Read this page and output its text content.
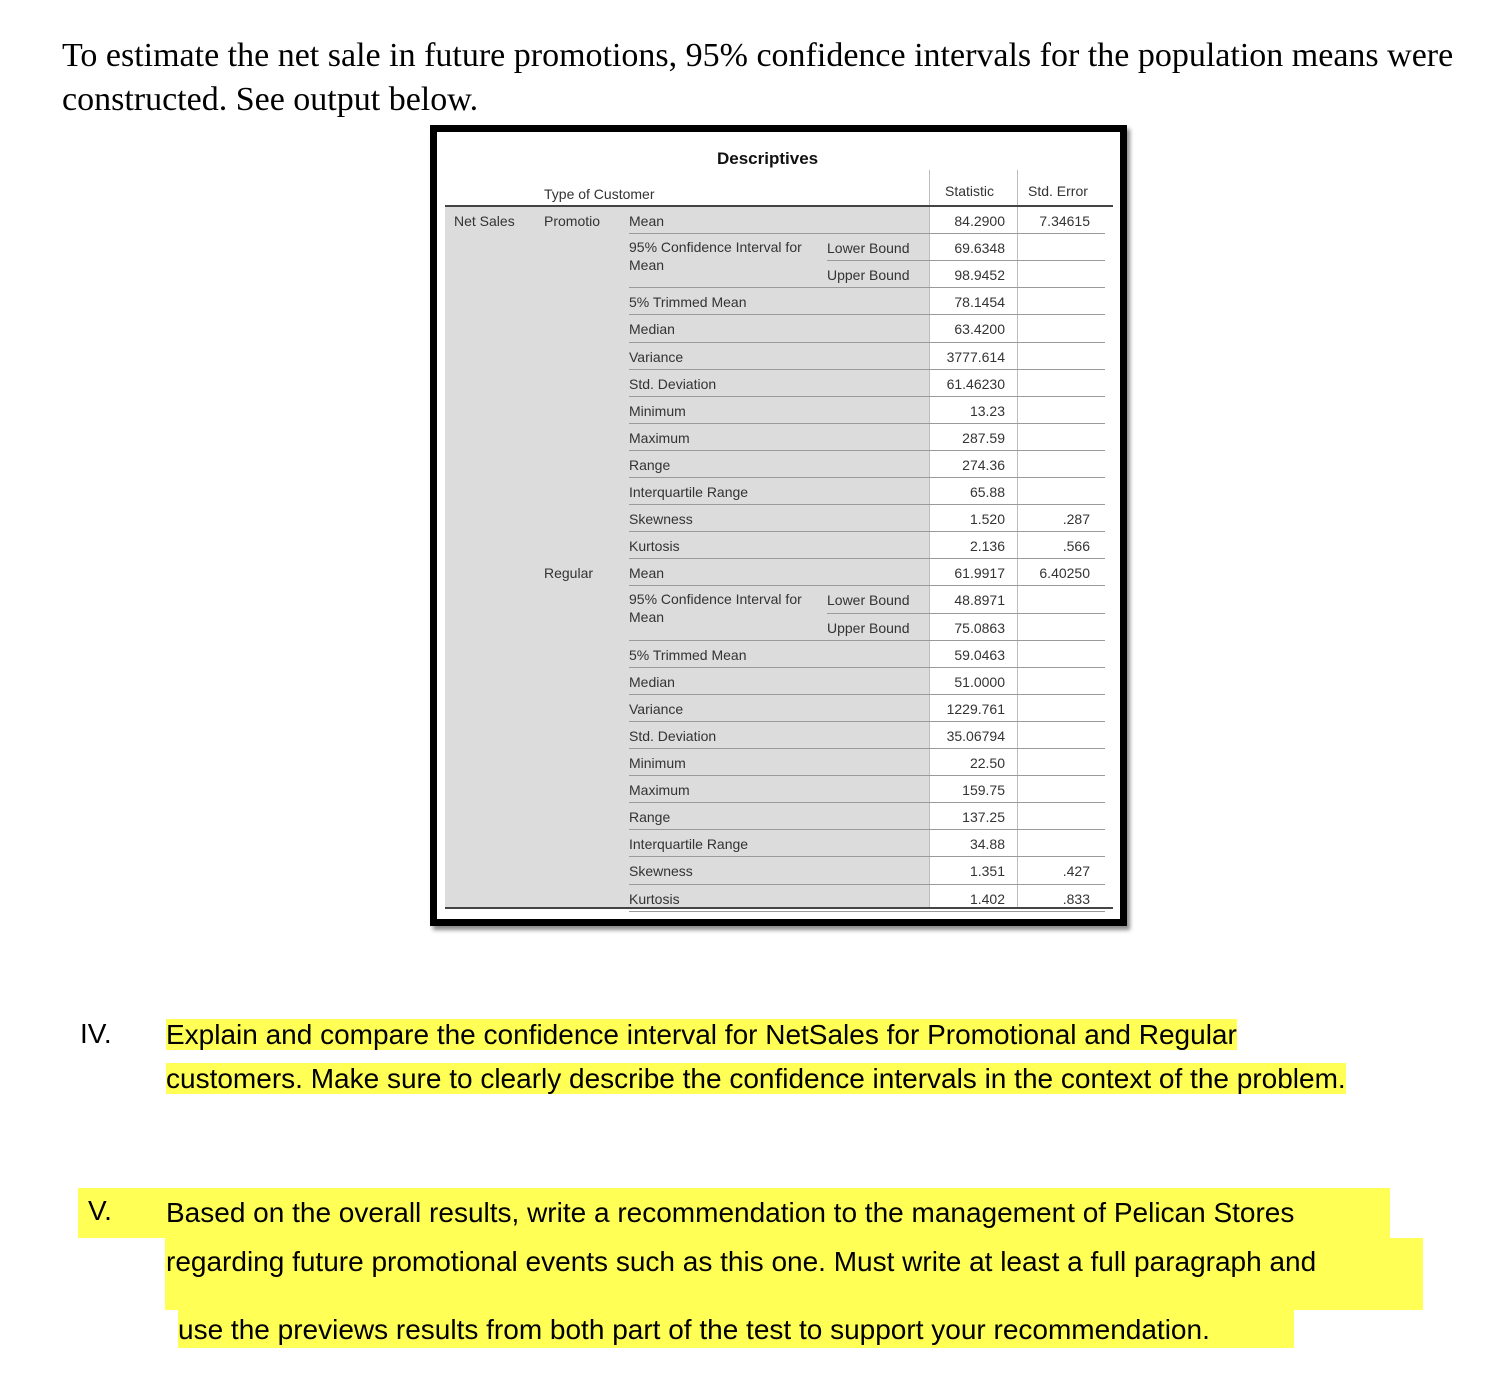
To estimate the net sale in future promotions, 95% confidence intervals for the population means were constructed. See output below.
Descriptives
Type of Customer	Statistic Std. Error
Net Sales Promotio Mean	84.2900	7.34615
95% Confidence Interval for Mean
Lower Bound	69.6348
Upper Bound	98.9452
5% Trimmed Mean	78.1454
Median	63.4200
Variance	3777.614
Std. Deviation	61.46230
Minimum	13.23
Maximum	287.59
Range	274.36
Interquartile Range	65.88
Skewness	1.520	.287
Kurtosis	2.136	.566
Regular	Mean	61.9917	6.40250
95% Confidence Interval for Mean
Lower Bound	48.8971
Upper Bound	75.0863
5% Trimmed Mean	59.0463
Median	51.0000
Variance	1229.761
Std. Deviation	35.06794
Minimum	22.50
Maximum	159.75
Range	137.25
Interquartile Range	34.88
Skewness	1.351	.427
Kurtosis	1.402	.833
IV. Explain and compare the confidence interval for NetSales for Promotional and Regular
customers. Make sure to clearly describe the confidence intervals in the context of the problem.
V. Based on the overall results, write a recommendation to the management of Pelican Stores
regarding future promotional events such as this one. Must write at least a full paragraph and
use the previews results from both part of the test to support your recommendation.
